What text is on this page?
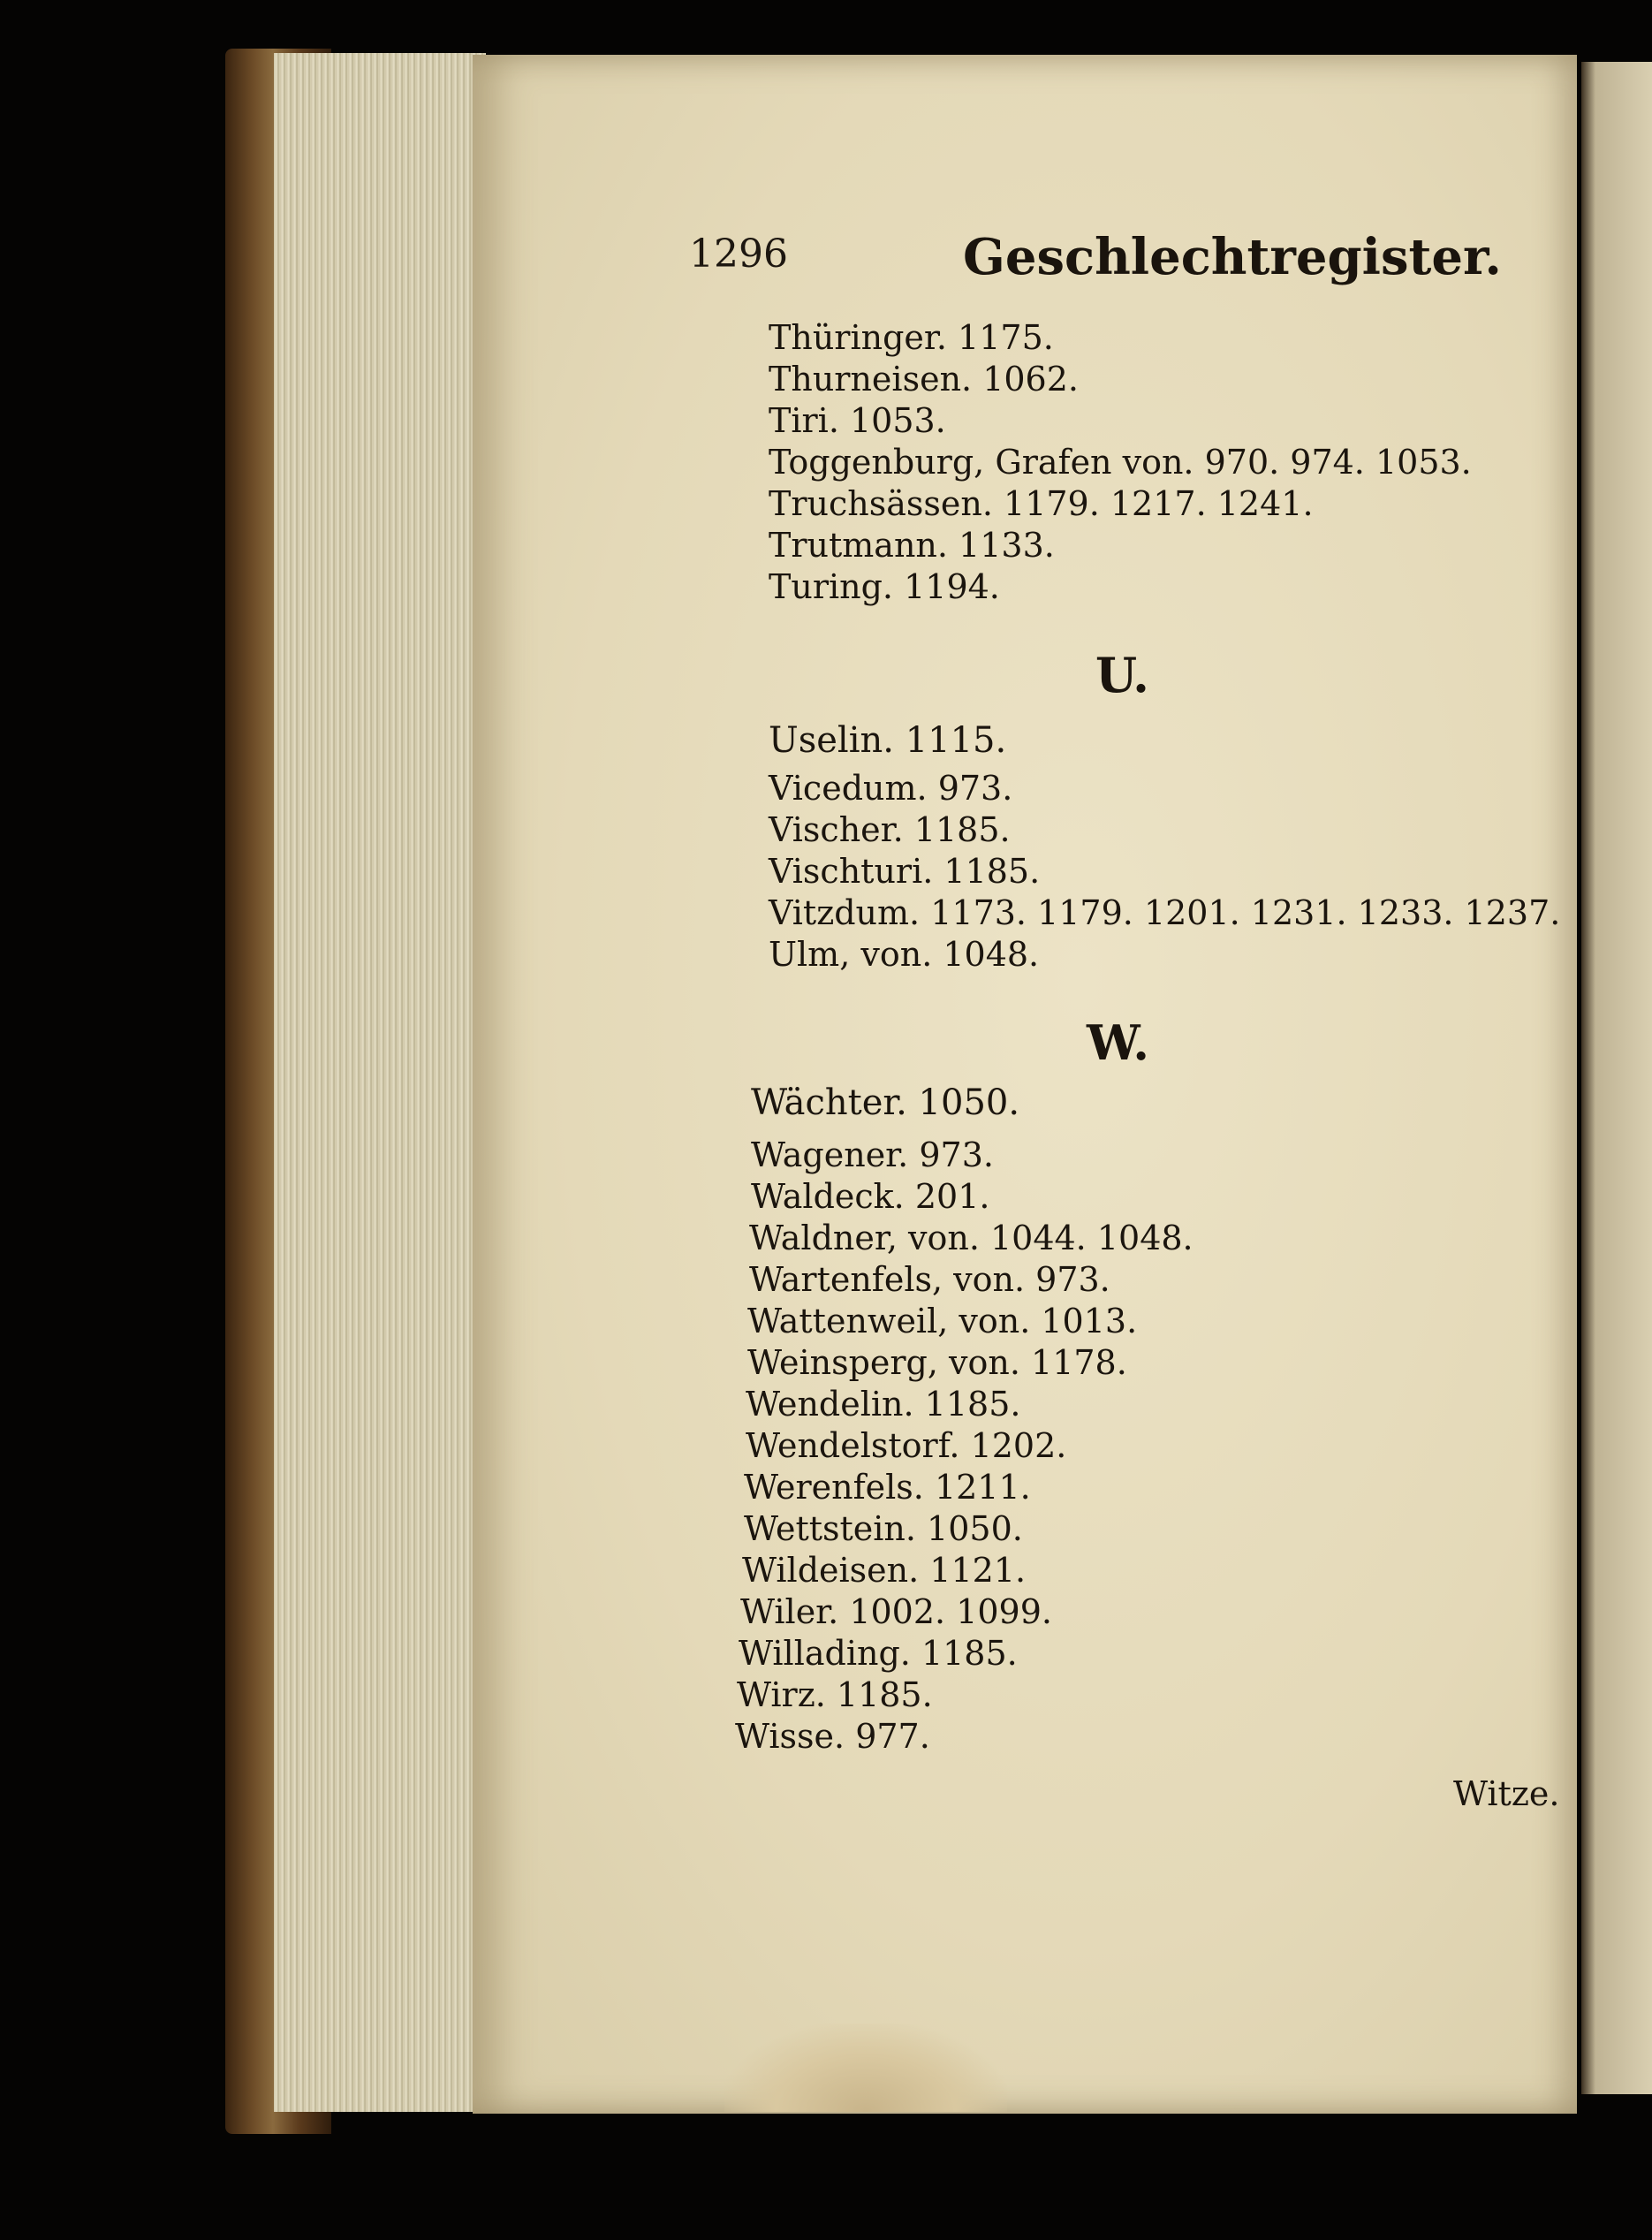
1296	Geschlechtregister.
Thüringer. 1175.
Thurneisen. 1062.
Tiri. 1053.
Toggenburg, Grafen von. 970. 974. 1053.
Truchsässen. 1179. 1217. 1241.
Trutmann. 1133.
Turing. 1194.
U.
Uselin. 1115.
Vicedum. 973.
Vischer. 1185.
Vischturi. 1185.
Vitzdum. 1173. 1179. 1201. 1231. 1233. 1237.
Ulm, von. 1048.
W.
Wächter. 1050.
Wagener. 973.
Waldeck. 201.
Waldner, von. 1044. 1048.
Wartenfels, von. 973.
Wattenweil, von. 1013.
Weinsperg, von. 1178.
Wendelin. 1185.
Wendelstorf. 1202.
Werenfels. 1211.
Wettstein. 1050.
Wildeisen. 1121.
Wiler. 1002. 1099.
Willading. 1185.
Wirz. 1185.
Wisse. 977.
Witze.
